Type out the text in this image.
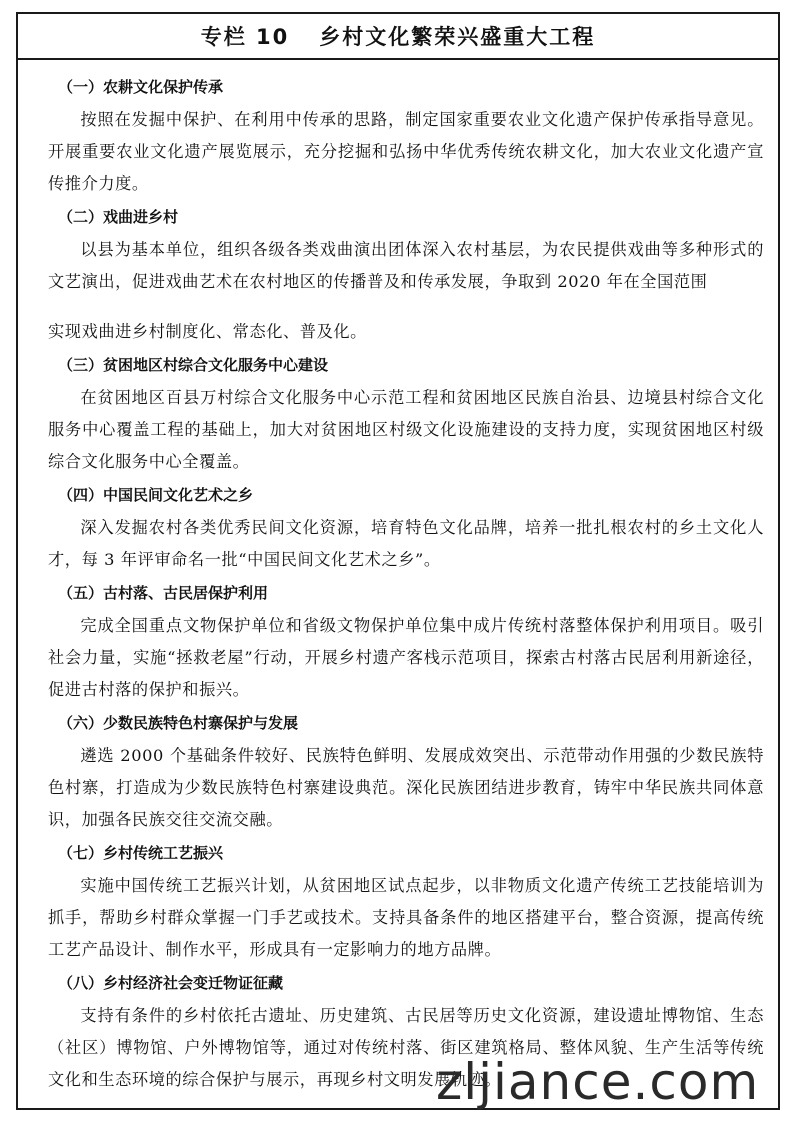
专栏 10	乡村文化繁荣兴盛重大工程
（一）农耕文化保护传承

按照在发掘中保护、在利用中传承的思路，制定国家重要农业文化遗产保护传承指导意见。开展重要农业文化遗产展览展示，充分挖掘和弘扬中华优秀传统农耕文化，加大农业文化遗产宣传推介力度。

（二）戏曲进乡村

以县为基本单位，组织各级各类戏曲演出团体深入农村基层，为农民提供戏曲等多种形式的文艺演出，促进戏曲艺术在农村地区的传播普及和传承发展，争取到 2020 年在全国范围

实现戏曲进乡村制度化、常态化、普及化。

（三）贫困地区村综合文化服务中心建设

在贫困地区百县万村综合文化服务中心示范工程和贫困地区民族自治县、边境县村综合文化服务中心覆盖工程的基础上，加大对贫困地区村级文化设施建设的支持力度，实现贫困地区村级综合文化服务中心全覆盖。

（四）中国民间文化艺术之乡

深入发掘农村各类优秀民间文化资源，培育特色文化品牌，培养一批扎根农村的乡土文化人才，每 3 年评审命名一批“中国民间文化艺术之乡”。

（五）古村落、古民居保护利用

完成全国重点文物保护单位和省级文物保护单位集中成片传统村落整体保护利用项目。吸引社会力量，实施“拯救老屋”行动，开展乡村遗产客栈示范项目，探索古村落古民居利用新途径，促进古村落的保护和振兴。

（六）少数民族特色村寨保护与发展

遴选 2000 个基础条件较好、民族特色鲜明、发展成效突出、示范带动作用强的少数民族特色村寨，打造成为少数民族特色村寨建设典范。深化民族团结进步教育，铸牢中华民族共同体意识，加强各民族交往交流交融。

（七）乡村传统工艺振兴

实施中国传统工艺振兴计划，从贫困地区试点起步，以非物质文化遗产传统工艺技能培训为抓手，帮助乡村群众掌握一门手艺或技术。支持具备条件的地区搭建平台，整合资源，提高传统工艺产品设计、制作水平，形成具有一定影响力的地方品牌。

（八）乡村经济社会变迁物证征藏

支持有条件的乡村依托古遗址、历史建筑、古民居等历史文化资源，建设遗址博物馆、生态（社区）博物馆、户外博物馆等，通过对传统村落、街区建筑格局、整体风貌、生产生活等传统文化和生态环境的综合保护与展示，再现乡村文明发展轨迹。

zljiance.com
